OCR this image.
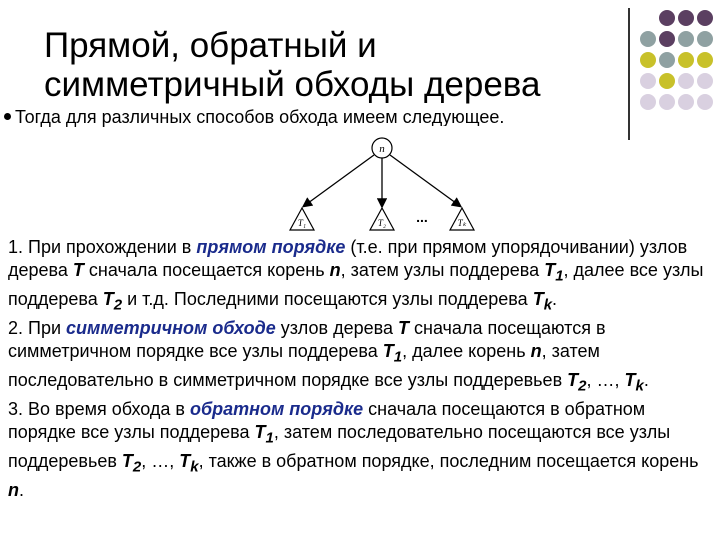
Прямой, обратный и
симметричный обходы дерева
Тогда для различных способов обхода имеем следующее.
n
T₁	T₂ ...	Tₖ

1. При прохождении в прямом порядке (т.е. при прямом упорядочивании) узлов дерева T сначала посещается корень n, затем узлы поддерева $T_1$, далее все узлы поддерева $T_2$ и т.д. Последними посещаются узлы поддерева $T_k$.

2. При симметричном обходе узлов дерева T сначала посещаются в симметричном порядке все узлы поддерева $T_1$, далее корень n, затем последовательно в симметричном порядке все узлы поддеревьев $T_2$, …, $T_k$.

3. Во время обхода в обратном порядке сначала посещаются в обратном порядке все узлы поддерева $T_1$, затем последовательно посещаются все узлы поддеревьев $T_2$, …, $T_k$, также в обратном порядке, последним посещается корень n.
